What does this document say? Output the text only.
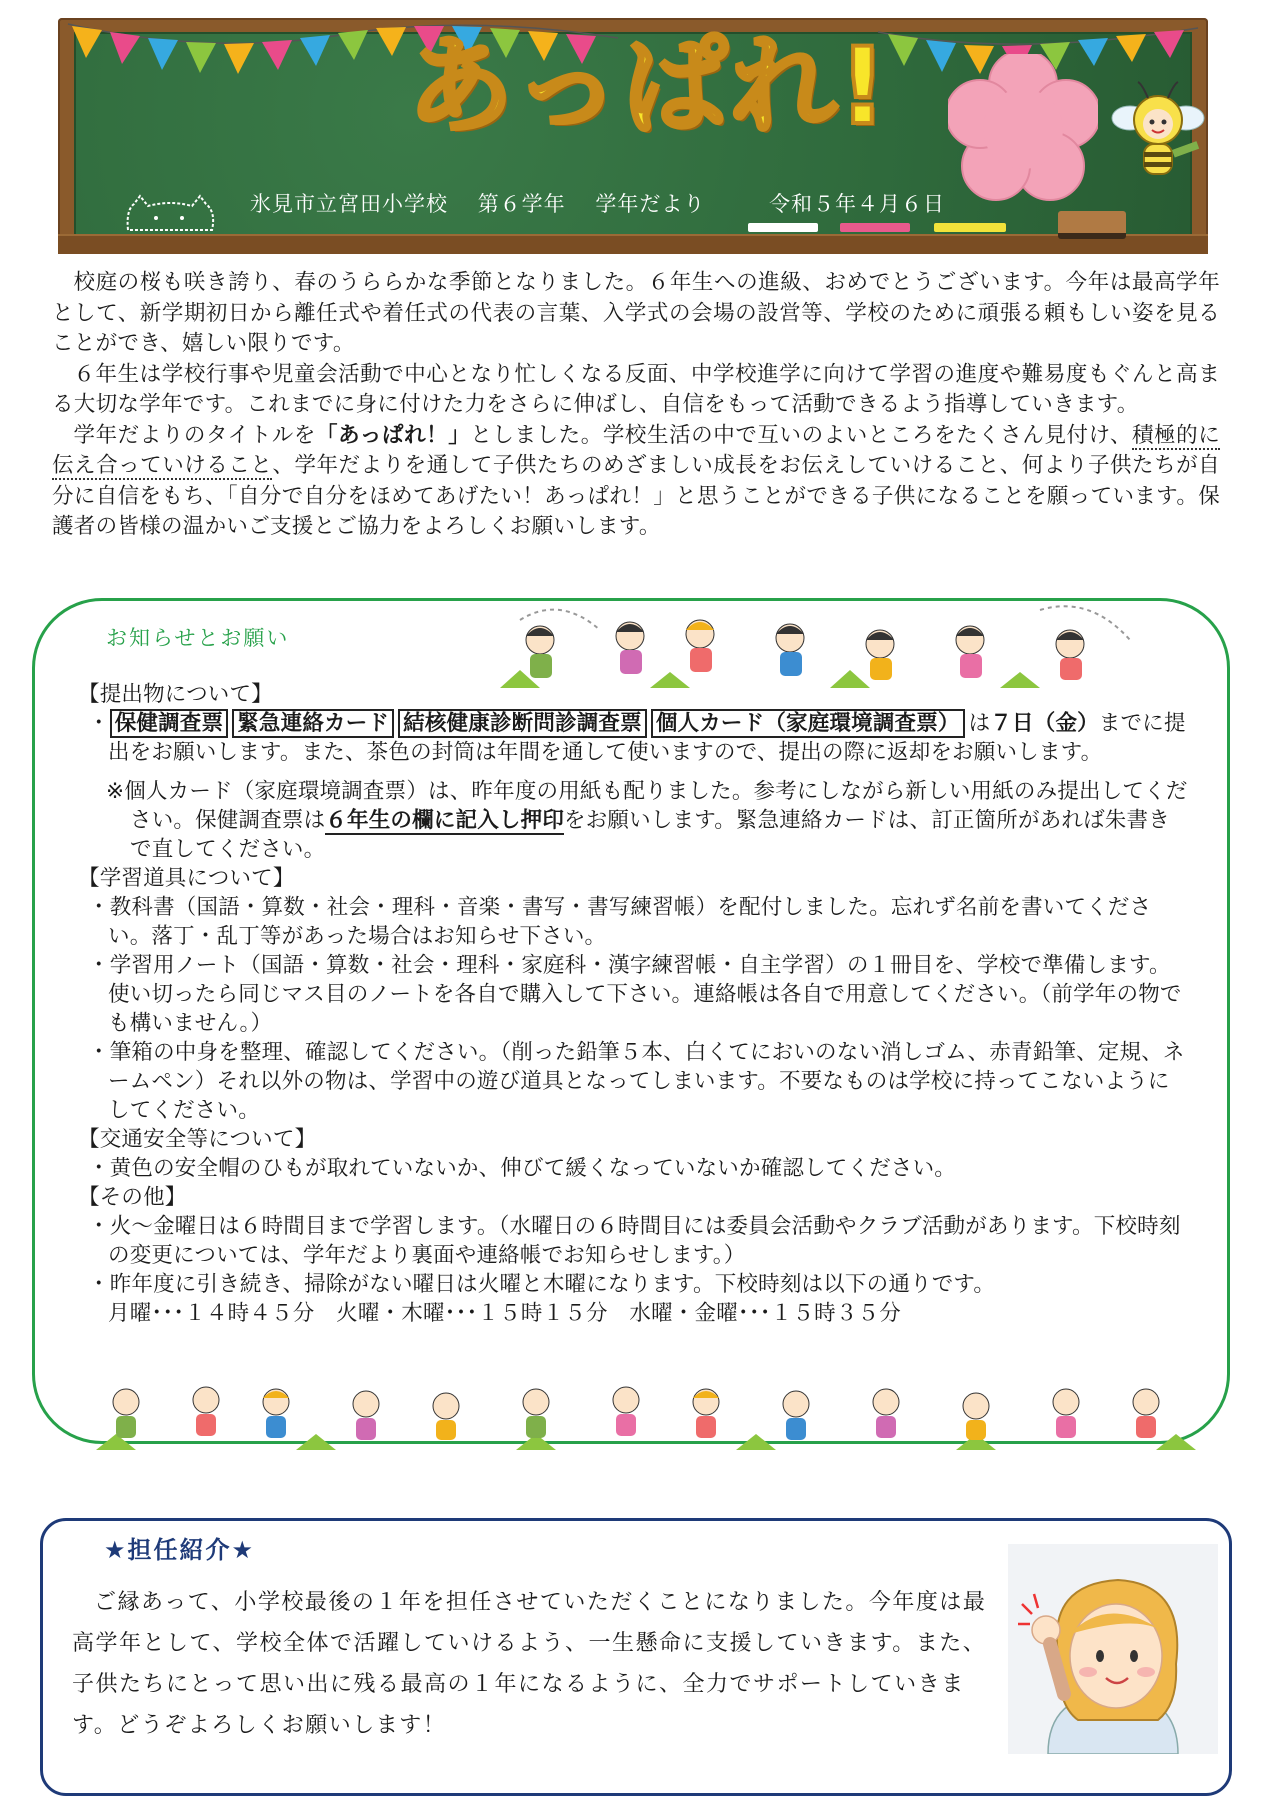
あっぱれ!
氷見市立宮田小学校 第６学年 学年だより	令和５年４月６日

校庭の桜も咲き誇り、春のうららかな季節となりました。６年生への進級、おめでとうございます。今年は最高学年として、新学期初日から離任式や着任式の代表の言葉、入学式の会場の設営等、学校のために頑張る頼もしい姿を見ることができ、嬉しい限りです。

６年生は学校行事や児童会活動で中心となり忙しくなる反面、中学校進学に向けて学習の進度や難易度もぐんと高まる大切な学年です。これまでに身に付けた力をさらに伸ばし、自信をもって活動できるよう指導していきます。

学年だよりのタイトルを「あっぱれ！」としました。学校生活の中で互いのよいところをたくさん見付け、積極的に伝え合っていけること、学年だよりを通して子供たちのめざましい成長をお伝えしていけること、何より子供たちが自分に自信をもち、「自分で自分をほめてあげたい！あっぱれ！」と思うことができる子供になることを願っています。保護者の皆様の温かいご支援とご協力をよろしくお願いします。

お知らせとお願い

【提出物について】

・ 保健調査票 緊急連絡カード 結核健康診断問診調査票 個人カード（家庭環境調査票） は７日（金）までに提出をお願いします。また、茶色の封筒は年間を通して使いますので、提出の際に返却をお願いします。

※個人カード（家庭環境調査票）は、昨年度の用紙も配りました。参考にしながら新しい用紙のみ提出してください。保健調査票は６年生の欄に記入し押印をお願いします。緊急連絡カードは、訂正箇所があれば朱書きで直してください。

【学習道具について】

・教科書（国語・算数・社会・理科・音楽・書写・書写練習帳）を配付しました。忘れず名前を書いてください。落丁・乱丁等があった場合はお知らせ下さい。

・学習用ノート（国語・算数・社会・理科・家庭科・漢字練習帳・自主学習）の１冊目を、学校で準備します。使い切ったら同じマス目のノートを各自で購入して下さい。連絡帳は各自で用意してください。（前学年の物でも構いません。）

・筆箱の中身を整理、確認してください。（削った鉛筆５本、白くてにおいのない消しゴム、赤青鉛筆、定規、ネームペン）それ以外の物は、学習中の遊び道具となってしまいます。不要なものは学校に持ってこないようにしてください。

【交通安全等について】

・黄色の安全帽のひもが取れていないか、伸びて緩くなっていないか確認してください。

【その他】

・火～金曜日は６時間目まで学習します。（水曜日の６時間目には委員会活動やクラブ活動があります。下校時刻の変更については、学年だより裏面や連絡帳でお知らせします。）

・昨年度に引き続き、掃除がない曜日は火曜と木曜になります。下校時刻は以下の通りです。

月曜･･･１４時４５分　火曜・木曜･･･１５時１５分　水曜・金曜･･･１５時３５分

★担任紹介★

ご縁あって、小学校最後の１年を担任させていただくことになりました。今年度は最高学年として、学校全体で活躍していけるよう、一生懸命に支援していきます。また、子供たちにとって思い出に残る最高の１年になるように、全力でサポートしていきます。どうぞよろしくお願いします！
